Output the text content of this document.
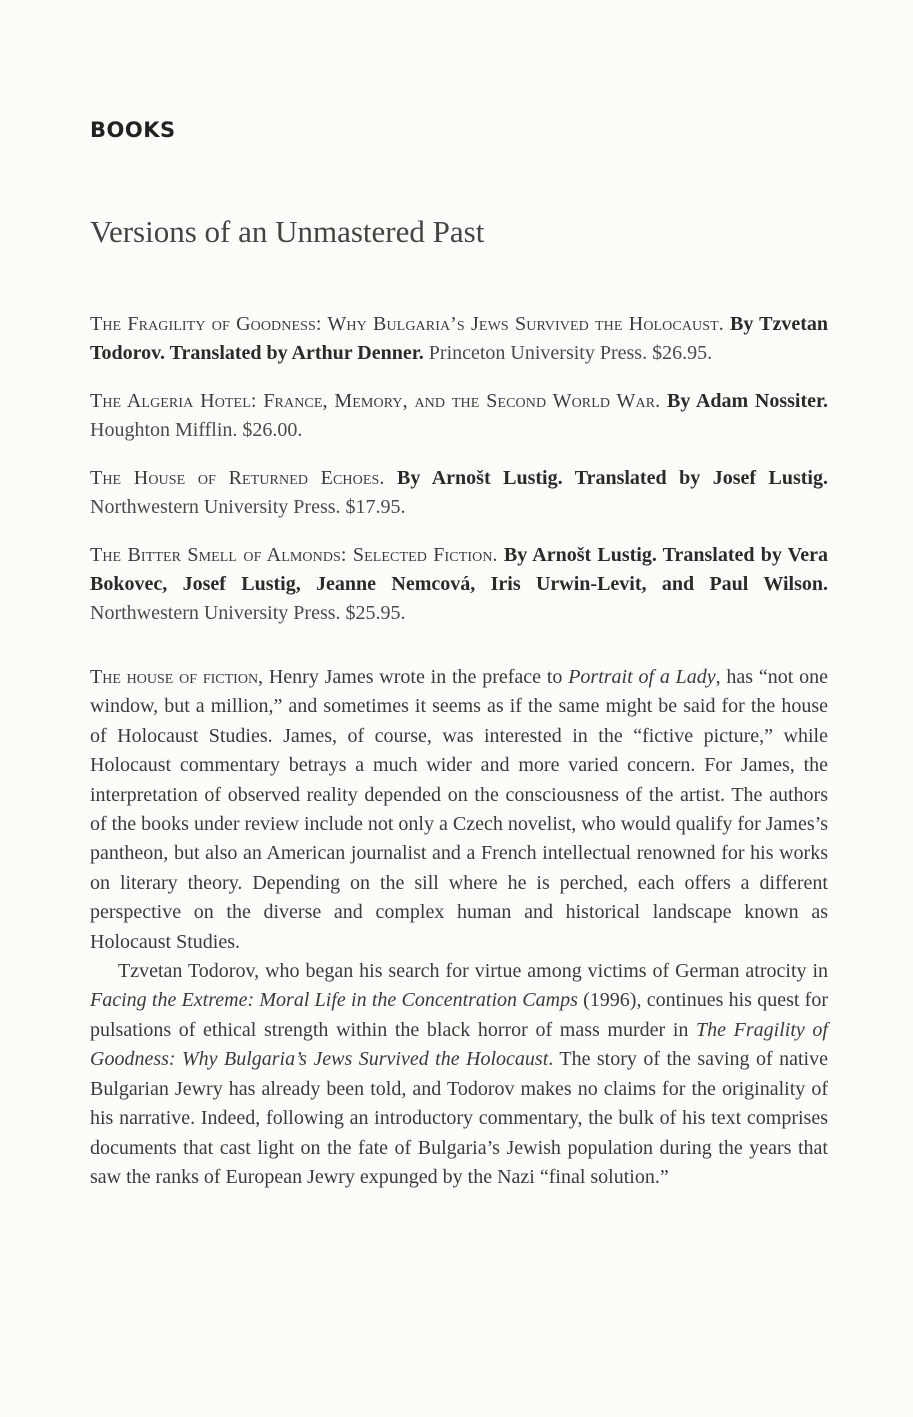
BOOKS
Versions of an Unmastered Past

The Fragility of Goodness: Why Bulgaria’s Jews Survived the Holocaust. By Tzvetan Todorov. Translated by Arthur Denner. Princeton University Press. $26.95.

The Algeria Hotel: France, Memory, and the Second World War. By Adam Nossiter. Houghton Mifflin. $26.00.

The House of Returned Echoes. By Arnošt Lustig. Translated by Josef Lustig. Northwestern University Press. $17.95.

The Bitter Smell of Almonds: Selected Fiction. By Arnošt Lustig. Translated by Vera Bokovec, Josef Lustig, Jeanne Nemcová, Iris Urwin-Levit, and Paul Wilson. Northwestern University Press. $25.95.

The house of fiction, Henry James wrote in the preface to Portrait of a Lady, has “not one window, but a million,” and sometimes it seems as if the same might be said for the house of Holocaust Studies. James, of course, was interested in the “fictive picture,” while Holocaust commentary betrays a much wider and more varied concern. For James, the interpretation of observed reality depended on the consciousness of the artist. The authors of the books under review include not only a Czech novelist, who would qualify for James’s pantheon, but also an American journalist and a French intellectual renowned for his works on literary theory. Depending on the sill where he is perched, each offers a different perspective on the diverse and complex human and historical landscape known as Holocaust Studies.

Tzvetan Todorov, who began his search for virtue among victims of German atrocity in Facing the Extreme: Moral Life in the Concentration Camps (1996), continues his quest for pulsations of ethical strength within the black horror of mass murder in The Fragility of Goodness: Why Bulgaria’s Jews Survived the Holocaust. The story of the saving of native Bulgarian Jewry has already been told, and Todorov makes no claims for the originality of his narrative. Indeed, following an introductory commentary, the bulk of his text comprises documents that cast light on the fate of Bulgaria’s Jewish population during the years that saw the ranks of European Jewry expunged by the Nazi “final solution.”
